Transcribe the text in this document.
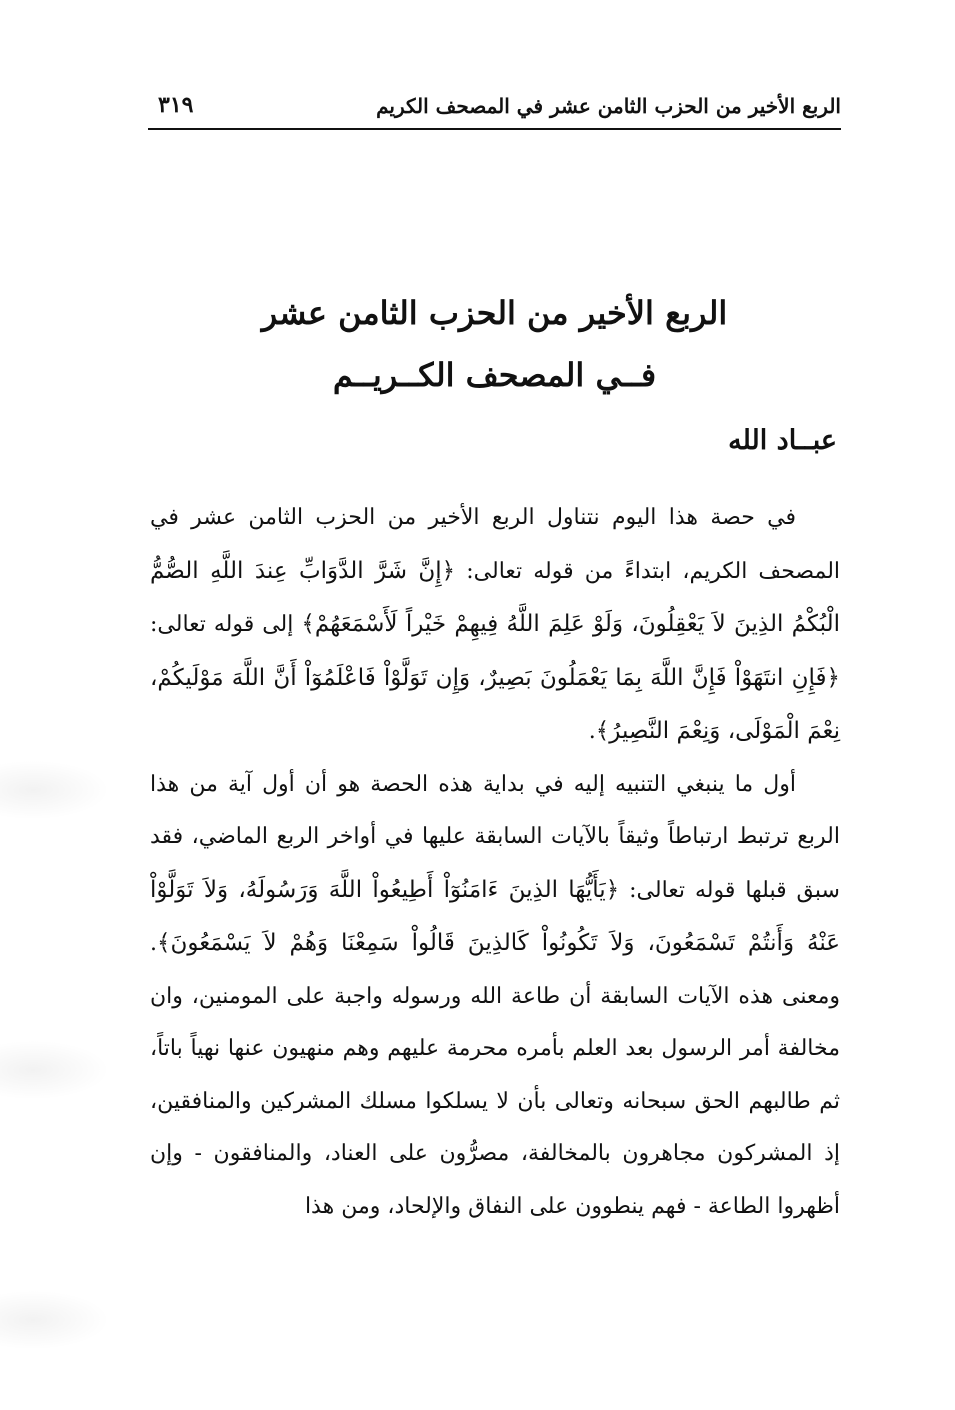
الربع الأخير من الحزب الثامن عشر في المصحف الكريم
٣١٩
الربع الأخير من الحزب الثامن عشر
فــي المصحف الكــريــم
عبــاد الله

في حصة هذا اليوم نتناول الربع الأخير من الحزب الثامن عشر في المصحف الكريم، ابتداءً من قوله تعالى: ﴿إِنَّ شَرَّ الدَّوَابِّ عِندَ اللَّهِ الصُّمُّ الْبُكْمُ الذِينَ لاَ يَعْقِلُونَ، وَلَوْ عَلِمَ اللَّهُ فِيهِمْ خَيْراً لَأَسْمَعَهُمْ﴾ إلى قوله تعالى: ﴿فَإِنِ انتَهَوْاْ فَإِنَّ اللَّهَ بِمَا يَعْمَلُونَ بَصِيرٌ، وَإِن تَوَلَّوْاْ فَاعْلَمُوٓاْ أَنَّ اللَّهَ مَوْلَيكُمْ، نِعْمَ الْمَوْلَى، وَنِعْمَ النَّصِيرُ﴾.

أول ما ينبغي التنبيه إليه في بداية هذه الحصة هو أن أول آية من هذا الربع ترتبط ارتباطاً وثيقاً بالآيات السابقة عليها في أواخر الربع الماضي، فقد سبق قبلها قوله تعالى: ﴿يَأَيُّهَا الذِينَ ءَامَنُوٓاْ أَطِيعُواْ اللَّهَ وَرَسُولَهُ، وَلاَ تَوَلَّوْاْ عَنْهُ وَأَنتُمْ تَسْمَعُونَ، وَلاَ تَكُونُواْ كَالذِينَ قَالُواْ سَمِعْنَا وَهُمْ لاَ يَسْمَعُونَ﴾. ومعنى هذه الآيات السابقة أن طاعة الله ورسوله واجبة على المومنين، وان مخالفة أمر الرسول بعد العلم بأمره محرمة عليهم وهم منهيون عنها نهياً باتاً، ثم طالبهم الحق سبحانه وتعالى بأن لا يسلكوا مسلك المشركين والمنافقين، إذ المشركون مجاهرون بالمخالفة، مصرُّون على العناد، والمنافقون - وإن أظهروا الطاعة - فهم ينطوون على النفاق والإلحاد، ومن هذا
